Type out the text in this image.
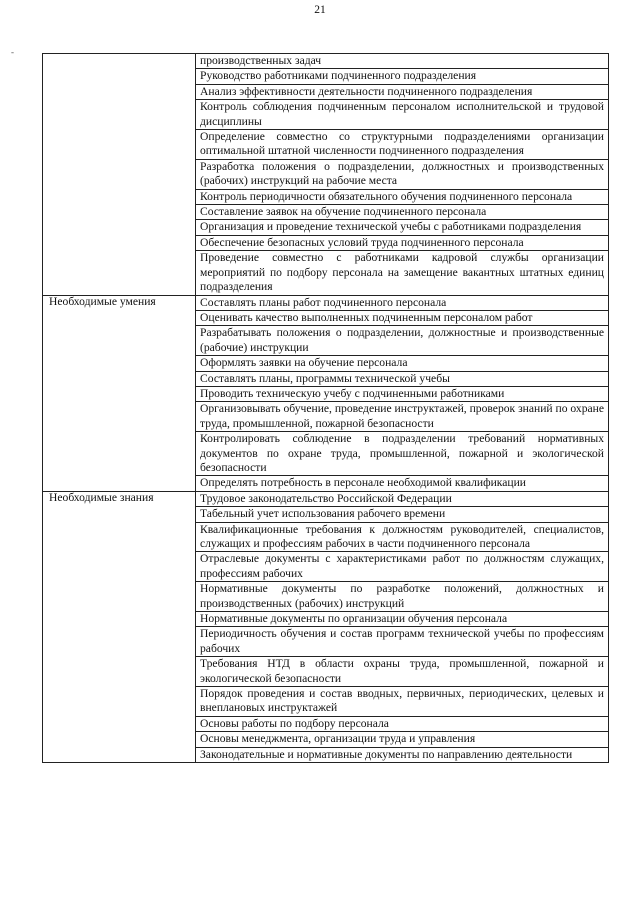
21
-
	производственных задач
	Руководство работниками подчиненного подразделения
	Анализ эффективности деятельности подчиненного подразделения
	Контроль соблюдения подчиненным персоналом исполнительской и трудовой дисциплины
	Определение совместно со структурными подразделениями организации оптимальной штатной численности подчиненного подразделения
	Разработка положения о подразделении, должностных и производственных (рабочих) инструкций на рабочие места
	Контроль периодичности обязательного обучения подчиненного персонала
	Составление заявок на обучение подчиненного персонала
	Организация и проведение технической учебы с работниками подразделения
	Обеспечение безопасных условий труда подчиненного персонала
	Проведение совместно с работниками кадровой службы организации мероприятий по подбору персонала на замещение вакантных штатных единиц подразделения

Необходимые умения	Составлять планы работ подчиненного персонала
	Оценивать качество выполненных подчиненным персоналом работ
	Разрабатывать положения о подразделении, должностные и производственные (рабочие) инструкции
	Оформлять заявки на обучение персонала
	Составлять планы, программы технической учебы
	Проводить техническую учебу с подчиненными работниками
	Организовывать обучение, проведение инструктажей, проверок знаний по охране труда, промышленной, пожарной безопасности
	Контролировать соблюдение в подразделении требований нормативных документов по охране труда, промышленной, пожарной и экологической безопасности
	Определять потребность в персонале необходимой квалификации

Необходимые знания	Трудовое законодательство Российской Федерации
	Табельный учет использования рабочего времени
	Квалификационные требования к должностям руководителей, специалистов, служащих и профессиям рабочих в части подчиненного персонала
	Отраслевые документы с характеристиками работ по должностям служащих, профессиям рабочих
	Нормативные документы по разработке положений, должностных и производственных (рабочих) инструкций
	Нормативные документы по организации обучения персонала
	Периодичность обучения и состав программ технической учебы по профессиям рабочих
	Требования НТД в области охраны труда, промышленной, пожарной и экологической безопасности
	Порядок проведения и состав вводных, первичных, периодических, целевых и внеплановых инструктажей
	Основы работы по подбору персонала
	Основы менеджмента, организации труда и управления
	Законодательные и нормативные документы по направлению деятельности
